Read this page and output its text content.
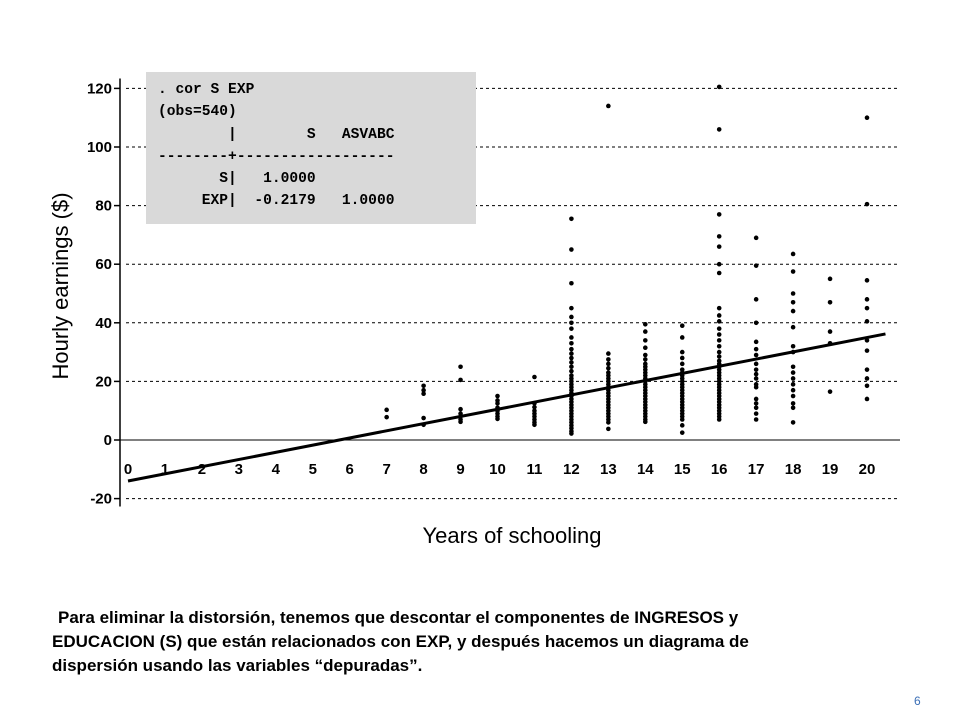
-20
0
20
40
60
80
100
120
0 1 2 3 4 5 6 7 8 9 10 11 12 13 14 15 16 17 18 19 20
Years of schooling
Hourly earnings ($)
. cor S EXP
(obs=540)
|        S   ASVABC
--------+------------------
S|   1.0000
EXP|  -0.2179   1.0000
Para eliminar la distorsión, tenemos que descontar el componentes de INGRESOS y
EDUCACION (S) que están relacionados con EXP, y después hacemos un diagrama de
dispersión usando las variables “depuradas”.
6
